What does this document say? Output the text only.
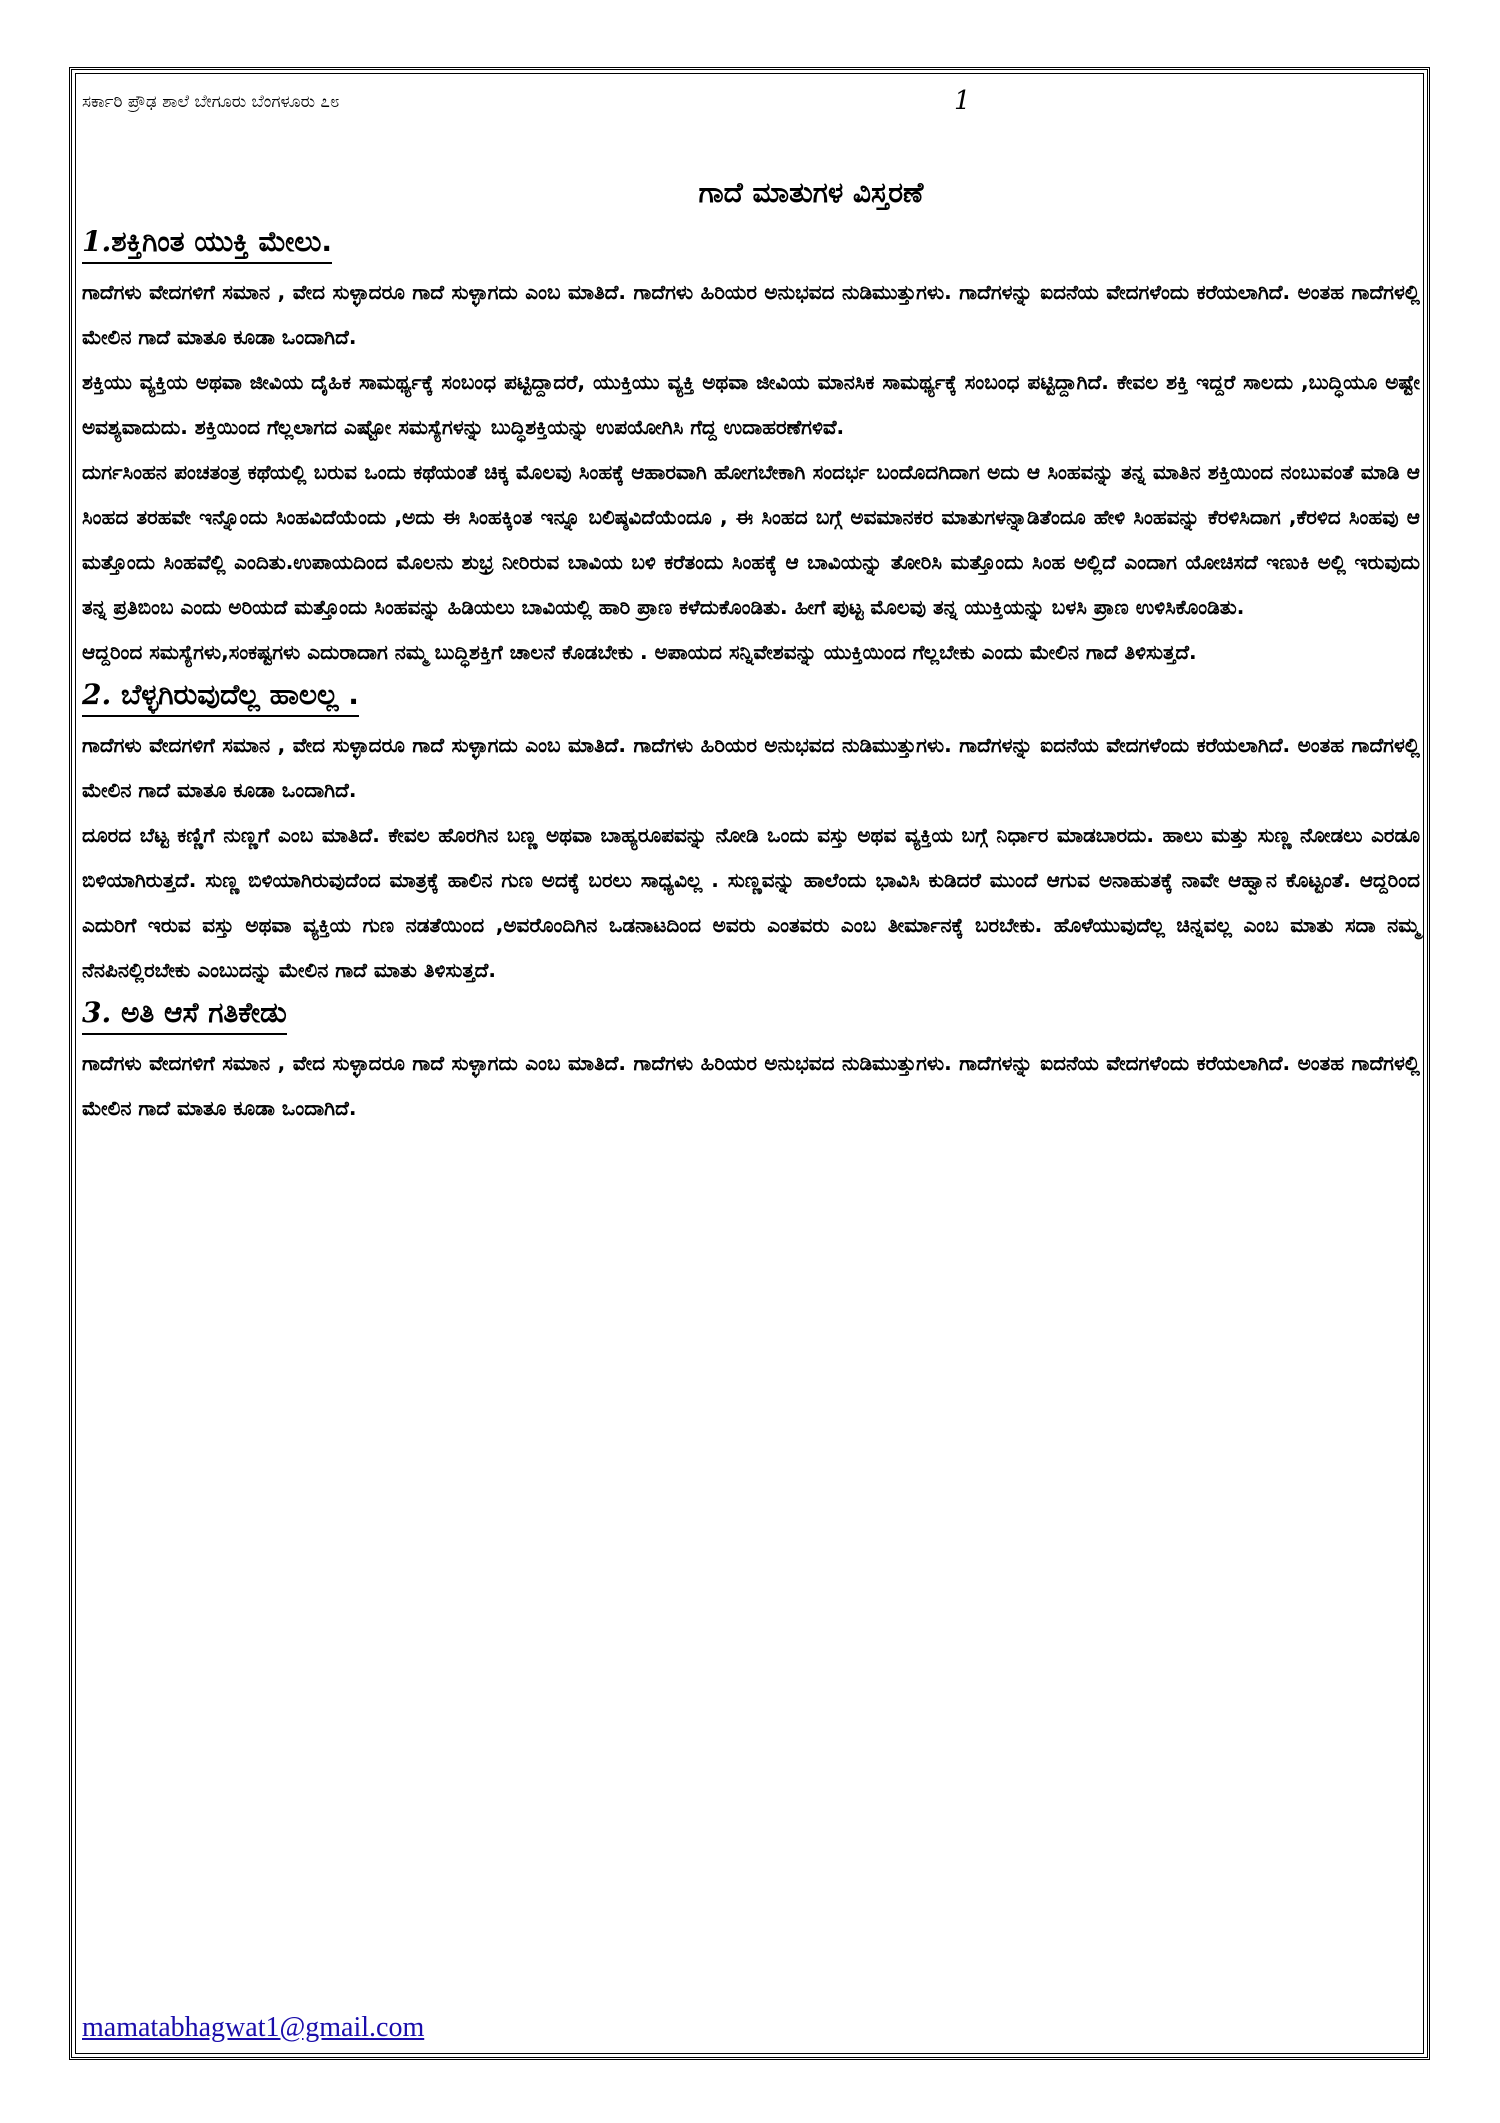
ಸರ್ಕಾರಿ ಪ್ರೌಢ ಶಾಲೆ ಬೇಗೂರು ಬೆಂಗಳೂರು ೭೮	1
ಗಾದೆ ಮಾತುಗಳ ವಿಸ್ತರಣೆ
1.ಶಕ್ತಿಗಿಂತ ಯುಕ್ತಿ ಮೇಲು.

ಗಾದೆಗಳು ವೇದಗಳಿಗೆ ಸಮಾನ , ವೇದ ಸುಳ್ಳಾದರೂ ಗಾದೆ ಸುಳ್ಳಾಗದು ಎಂಬ ಮಾತಿದೆ. ಗಾದೆಗಳು ಹಿರಿಯರ ಅನುಭವದ ನುಡಿಮುತ್ತುಗಳು. ಗಾದೆಗಳನ್ನು ಐದನೆಯ ವೇದಗಳೆಂದು ಕರೆಯಲಾಗಿದೆ. ಅಂತಹ ಗಾದೆಗಳಲ್ಲಿ ಮೇಲಿನ ಗಾದೆ ಮಾತೂ ಕೂಡಾ ಒಂದಾಗಿದೆ.

ಶಕ್ತಿಯು ವ್ಯಕ್ತಿಯ ಅಥವಾ ಜೀವಿಯ ದೈಹಿಕ ಸಾಮರ್ಥ್ಯಕ್ಕೆ ಸಂಬಂಧ ಪಟ್ಟಿದ್ದಾದರೆ, ಯುಕ್ತಿಯು ವ್ಯಕ್ತಿ ಅಥವಾ ಜೀವಿಯ ಮಾನಸಿಕ ಸಾಮರ್ಥ್ಯಕ್ಕೆ ಸಂಬಂಧ ಪಟ್ಟಿದ್ದಾಗಿದೆ. ಕೇವಲ ಶಕ್ತಿ ಇದ್ದರೆ ಸಾಲದು ,ಬುದ್ಧಿಯೂ ಅಷ್ಟೇ ಅವಶ್ಯವಾದುದು. ಶಕ್ತಿಯಿಂದ ಗೆಲ್ಲಲಾಗದ ಎಷ್ಟೋ ಸಮಸ್ಯೆಗಳನ್ನು ಬುದ್ಧಿಶಕ್ತಿಯನ್ನು ಉಪಯೋಗಿಸಿ ಗೆದ್ದ ಉದಾಹರಣೆಗಳಿವೆ.

ದುರ್ಗಸಿಂಹನ ಪಂಚತಂತ್ರ ಕಥೆಯಲ್ಲಿ ಬರುವ ಒಂದು ಕಥೆಯಂತೆ ಚಿಕ್ಕ ಮೊಲವು ಸಿಂಹಕ್ಕೆ ಆಹಾರವಾಗಿ ಹೋಗಬೇಕಾಗಿ ಸಂದರ್ಭ ಬಂದೊದಗಿದಾಗ ಅದು ಆ ಸಿಂಹವನ್ನು ತನ್ನ ಮಾತಿನ ಶಕ್ತಿಯಿಂದ ನಂಬುವಂತೆ ಮಾಡಿ ಆ ಸಿಂಹದ ತರಹವೇ ಇನ್ನೊಂದು ಸಿಂಹವಿದೆಯೆಂದು ,ಅದು ಈ ಸಿಂಹಕ್ಕಿಂತ ಇನ್ನೂ ಬಲಿಷ್ಠವಿದೆಯೆಂದೂ , ಈ ಸಿಂಹದ ಬಗ್ಗೆ ಅವಮಾನಕರ ಮಾತುಗಳನ್ನಾಡಿತೆಂದೂ ಹೇಳಿ ಸಿಂಹವನ್ನು ಕೆರಳಿಸಿದಾಗ ,ಕೆರಳಿದ ಸಿಂಹವು ಆ ಮತ್ತೊಂದು ಸಿಂಹವೆಲ್ಲಿ ಎಂದಿತು.ಉಪಾಯದಿಂದ ಮೊಲನು ಶುಭ್ರ ನೀರಿರುವ ಬಾವಿಯ ಬಳಿ ಕರೆತಂದು ಸಿಂಹಕ್ಕೆ ಆ ಬಾವಿಯನ್ನು ತೋರಿಸಿ ಮತ್ತೊಂದು ಸಿಂಹ ಅಲ್ಲಿದೆ ಎಂದಾಗ ಯೋಚಿಸದೆ ಇಣುಕಿ ಅಲ್ಲಿ ಇರುವುದು ತನ್ನ ಪ್ರತಿಬಿಂಬ ಎಂದು ಅರಿಯದೆ ಮತ್ತೊಂದು ಸಿಂಹವನ್ನು ಹಿಡಿಯಲು ಬಾವಿಯಲ್ಲಿ ಹಾರಿ ಪ್ರಾಣ ಕಳೆದುಕೊಂಡಿತು. ಹೀಗೆ ಪುಟ್ಟ ಮೊಲವು ತನ್ನ ಯುಕ್ತಿಯನ್ನು ಬಳಸಿ ಪ್ರಾಣ ಉಳಿಸಿಕೊಂಡಿತು.

ಆದ್ದರಿಂದ ಸಮಸ್ಯೆಗಳು,ಸಂಕಷ್ಟಗಳು ಎದುರಾದಾಗ ನಮ್ಮ ಬುದ್ಧಿಶಕ್ತಿಗೆ ಚಾಲನೆ ಕೊಡಬೇಕು . ಅಪಾಯದ ಸನ್ನಿವೇಶವನ್ನು ಯುಕ್ತಿಯಿಂದ ಗೆಲ್ಲಬೇಕು ಎಂದು ಮೇಲಿನ ಗಾದೆ ತಿಳಿಸುತ್ತದೆ.

2. ಬೆಳ್ಳಗಿರುವುದೆಲ್ಲ ಹಾಲಲ್ಲ .

ಗಾದೆಗಳು ವೇದಗಳಿಗೆ ಸಮಾನ , ವೇದ ಸುಳ್ಳಾದರೂ ಗಾದೆ ಸುಳ್ಳಾಗದು ಎಂಬ ಮಾತಿದೆ. ಗಾದೆಗಳು ಹಿರಿಯರ ಅನುಭವದ ನುಡಿಮುತ್ತುಗಳು. ಗಾದೆಗಳನ್ನು ಐದನೆಯ ವೇದಗಳೆಂದು ಕರೆಯಲಾಗಿದೆ. ಅಂತಹ ಗಾದೆಗಳಲ್ಲಿ ಮೇಲಿನ ಗಾದೆ ಮಾತೂ ಕೂಡಾ ಒಂದಾಗಿದೆ.

ದೂರದ ಬೆಟ್ಟ ಕಣ್ಣಿಗೆ ನುಣ್ಣಗೆ ಎಂಬ ಮಾತಿದೆ. ಕೇವಲ ಹೊರಗಿನ ಬಣ್ಣ ಅಥವಾ ಬಾಹ್ಯರೂಪವನ್ನು ನೋಡಿ ಒಂದು ವಸ್ತು ಅಥವ ವ್ಯಕ್ತಿಯ ಬಗ್ಗೆ ನಿರ್ಧಾರ ಮಾಡಬಾರದು. ಹಾಲು ಮತ್ತು ಸುಣ್ಣ ನೋಡಲು ಎರಡೂ ಬಿಳಿಯಾಗಿರುತ್ತದೆ. ಸುಣ್ಣ ಬಿಳಿಯಾಗಿರುವುದೆಂದ ಮಾತ್ರಕ್ಕೆ ಹಾಲಿನ ಗುಣ ಅದಕ್ಕೆ ಬರಲು ಸಾಧ್ಯವಿಲ್ಲ . ಸುಣ್ಣವನ್ನು ಹಾಲೆಂದು ಭಾವಿಸಿ ಕುಡಿದರೆ ಮುಂದೆ ಆಗುವ ಅನಾಹುತಕ್ಕೆ ನಾವೇ ಆಹ್ವಾನ ಕೊಟ್ಟಂತೆ. ಆದ್ದರಿಂದ ಎದುರಿಗೆ ಇರುವ ವಸ್ತು ಅಥವಾ ವ್ಯಕ್ತಿಯ ಗುಣ ನಡತೆಯಿಂದ ,ಅವರೊಂದಿಗಿನ ಒಡನಾಟದಿಂದ ಅವರು ಎಂತವರು ಎಂಬ ತೀರ್ಮಾನಕ್ಕೆ ಬರಬೇಕು. ಹೊಳೆಯುವುದೆಲ್ಲ ಚಿನ್ನವಲ್ಲ ಎಂಬ ಮಾತು ಸದಾ ನಮ್ಮ ನೆನಪಿನಲ್ಲಿರಬೇಕು ಎಂಬುದನ್ನು ಮೇಲಿನ ಗಾದೆ ಮಾತು ತಿಳಿಸುತ್ತದೆ.

3. ಅತಿ ಆಸೆ ಗತಿಕೇಡು

ಗಾದೆಗಳು ವೇದಗಳಿಗೆ ಸಮಾನ , ವೇದ ಸುಳ್ಳಾದರೂ ಗಾದೆ ಸುಳ್ಳಾಗದು ಎಂಬ ಮಾತಿದೆ. ಗಾದೆಗಳು ಹಿರಿಯರ ಅನುಭವದ ನುಡಿಮುತ್ತುಗಳು. ಗಾದೆಗಳನ್ನು ಐದನೆಯ ವೇದಗಳೆಂದು ಕರೆಯಲಾಗಿದೆ. ಅಂತಹ ಗಾದೆಗಳಲ್ಲಿ ಮೇಲಿನ ಗಾದೆ ಮಾತೂ ಕೂಡಾ ಒಂದಾಗಿದೆ.

mamatabhagwat1@gmail.com
